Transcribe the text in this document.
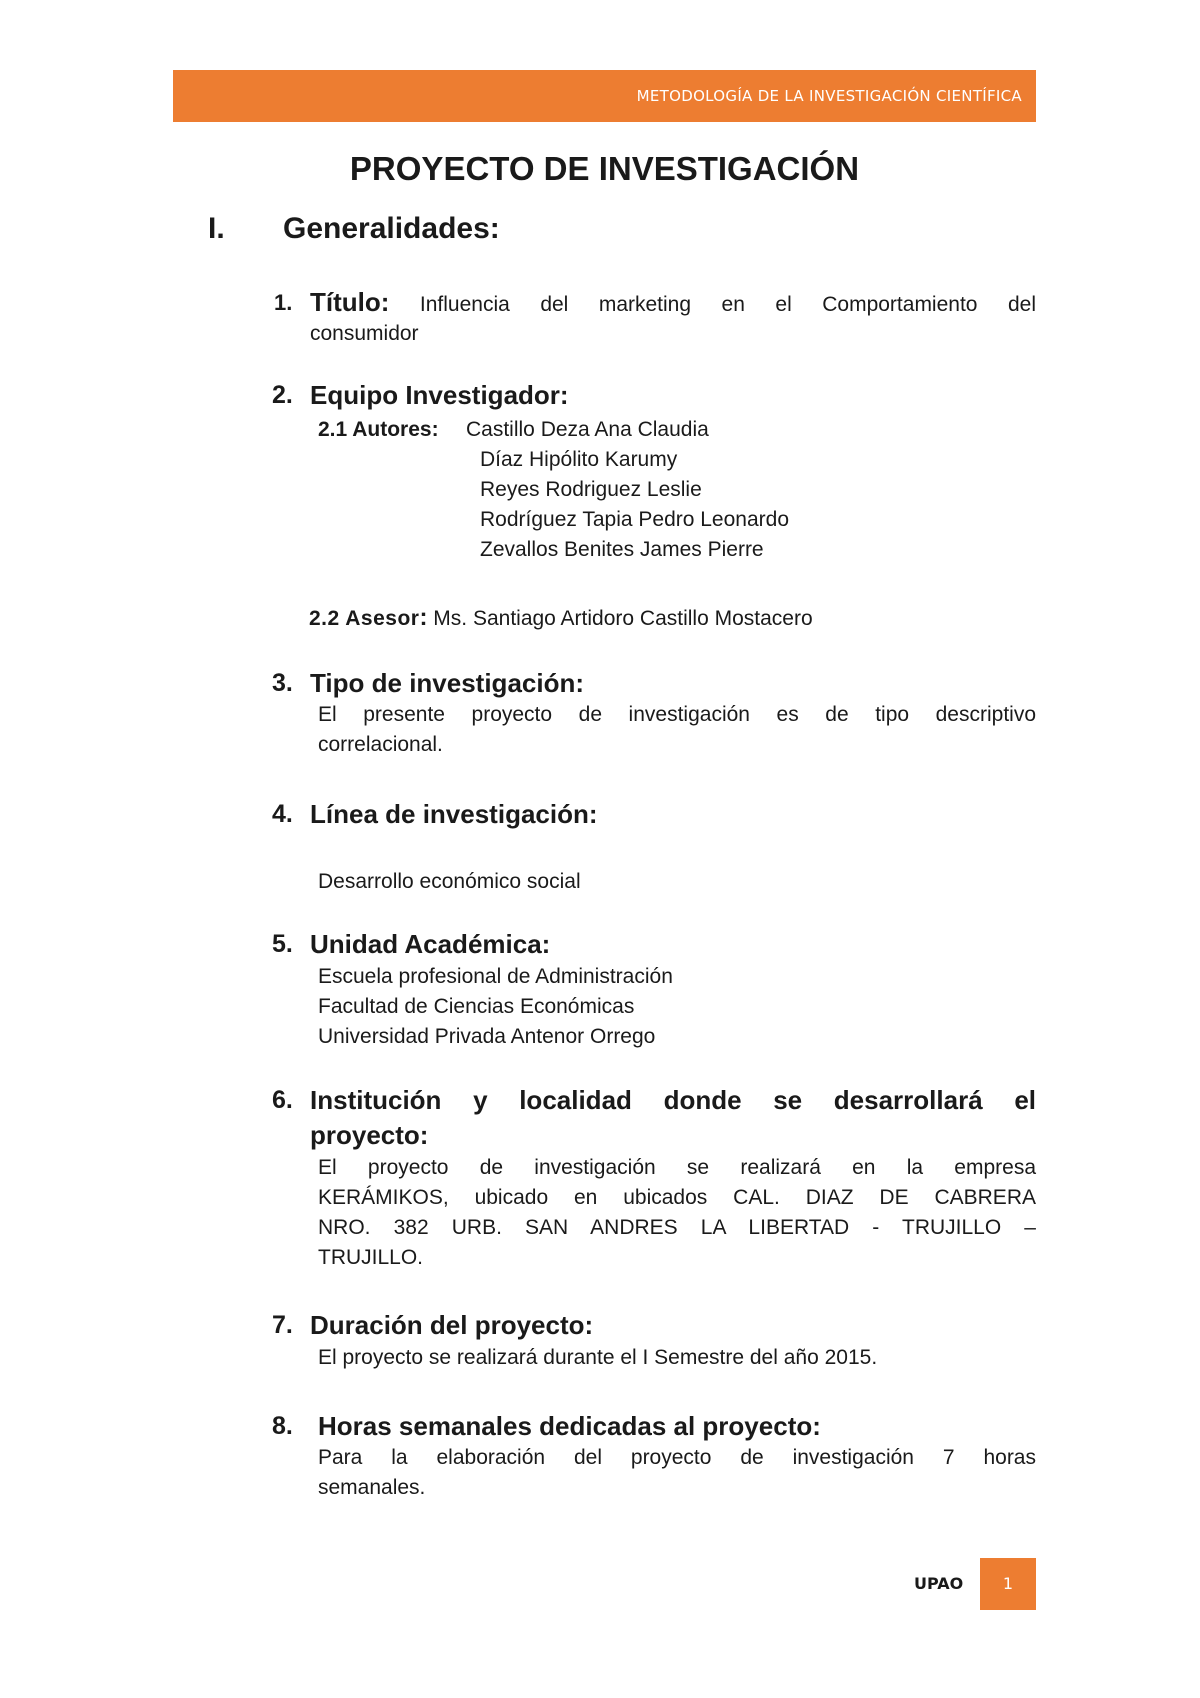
METODOLOGÍA DE LA INVESTIGACIÓN CIENTÍFICA
PROYECTO DE INVESTIGACIÓN
I. Generalidades:
1. Título: Influencia del marketing en el Comportamiento del
consumidor
2. Equipo Investigador:
2.1 Autores: Castillo Deza Ana Claudia
Díaz Hipólito Karumy
Reyes Rodriguez Leslie
Rodríguez Tapia Pedro Leonardo
Zevallos Benites James Pierre
2.2 Asesor: Ms. Santiago Artidoro Castillo Mostacero
3. Tipo de investigación:
El presente proyecto de investigación es de tipo descriptivo
correlacional.
4. Línea de investigación:
Desarrollo económico social
5. Unidad Académica:
Escuela profesional de Administración
Facultad de Ciencias Económicas
Universidad Privada Antenor Orrego
6. Institución y localidad donde se desarrollará el
proyecto:
El proyecto de investigación se realizará en la empresa
KERÁMIKOS, ubicado en ubicados CAL. DIAZ DE CABRERA
NRO. 382 URB. SAN ANDRES LA LIBERTAD - TRUJILLO –
TRUJILLO.
7. Duración del proyecto:
El proyecto se realizará durante el I Semestre del año 2015.
8. Horas semanales dedicadas al proyecto:
Para la elaboración del proyecto de investigación 7 horas
semanales.
UPAO	1
